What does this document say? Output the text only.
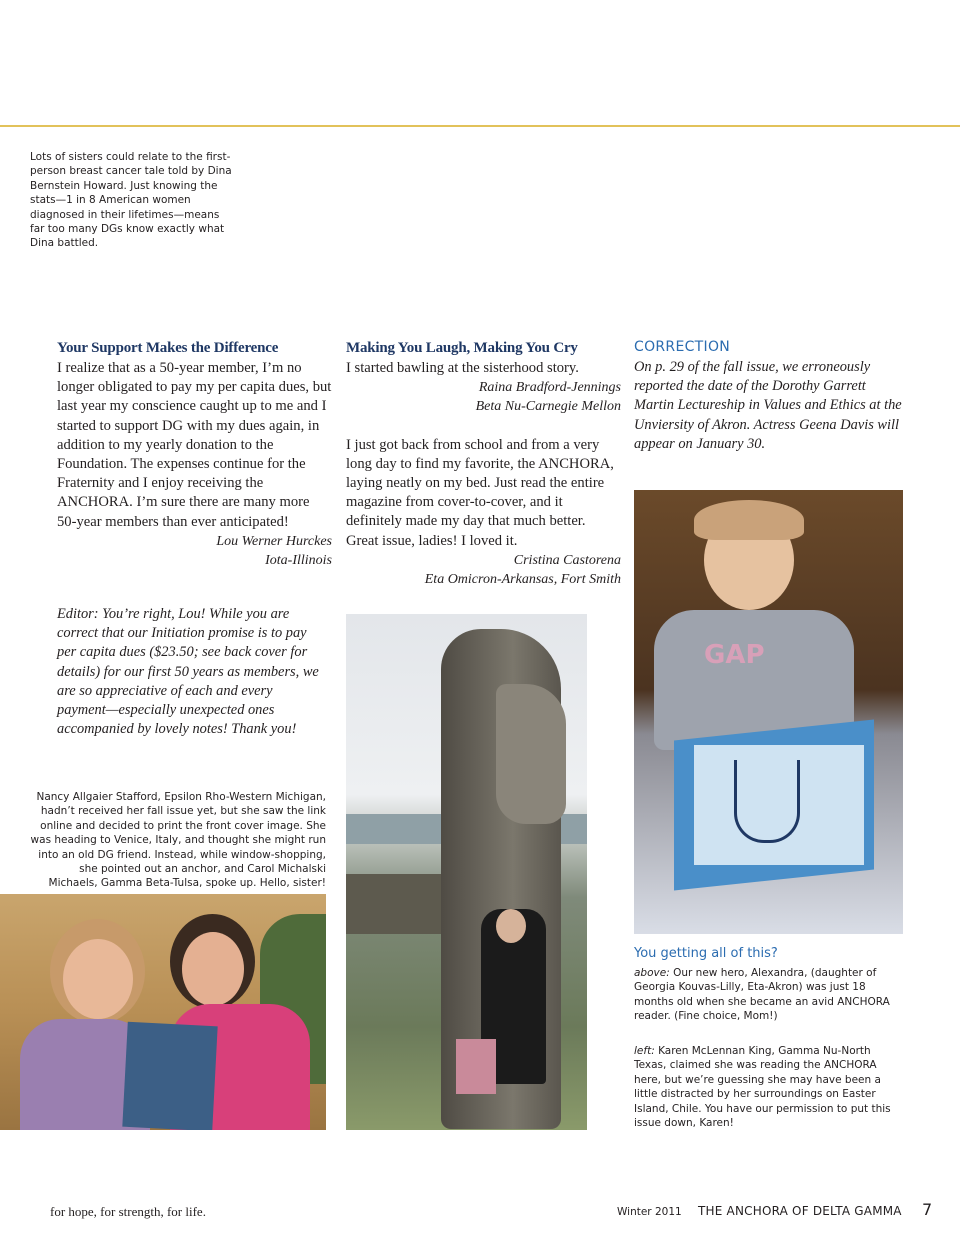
Lots of sisters could relate to the first-person breast cancer tale told by Dina Bernstein Howard. Just knowing the stats—1 in 8 American women diagnosed in their lifetimes—means far too many DGs know exactly what Dina battled.
Your Support Makes the Difference
I realize that as a 50-year member, I’m no longer obligated to pay my per capita dues, but last year my conscience caught up to me and I started to support DG with my dues again, in addition to my yearly donation to the Foundation. The expenses continue for the Fraternity and I enjoy receiving the ANCHORA. I’m sure there are many more 50-year members than ever anticipated!
Lou Werner Hurckes
Iota-Illinois
Editor: You’re right, Lou! While you are correct that our Initiation promise is to pay per capita dues ($23.50; see back cover for details) for our first 50 years as members, we are so appreciative of each and every payment—especially unexpected ones accompanied by lovely notes! Thank you!
Making You Laugh, Making You Cry
I started bawling at the sisterhood story.
Raina Bradford-Jennings
Beta Nu-Carnegie Mellon
I just got back from school and from a very long day to find my favorite, the ANCHORA, laying neatly on my bed. Just read the entire magazine from cover-to-cover, and it definitely made my day that much better. Great issue, ladies! I loved it.
Cristina Castorena
Eta Omicron-Arkansas, Fort Smith
CORRECTION
On p. 29 of the fall issue, we erroneously reported the date of the Dorothy Garrett Martin Lectureship in Values and Ethics at the Unviersity of Akron. Actress Geena Davis will appear on January 30.
GAP
Nancy Allgaier Stafford, Epsilon Rho-Western Michigan, hadn’t received her fall issue yet, but she saw the link online and decided to print the front cover image. She was heading to Venice, Italy, and thought she might run into an old DG friend. Instead, while window-shopping, she pointed out an anchor, and Carol Michalski Michaels, Gamma Beta-Tulsa, spoke up. Hello, sister!
You getting all of this?
above: Our new hero, Alexandra, (daughter of Georgia Kouvas-Lilly, Eta-Akron) was just 18 months old when she became an avid ANCHORA reader. (Fine choice, Mom!)
left: Karen McLennan King, Gamma Nu-North Texas, claimed she was reading the ANCHORA here, but we’re guessing she may have been a little distracted by her surroundings on Easter Island, Chile. You have our permission to put this issue down, Karen!
for hope, for strength, for life.	Winter 2011 THE ANCHORA OF DELTA GAMMA 7
